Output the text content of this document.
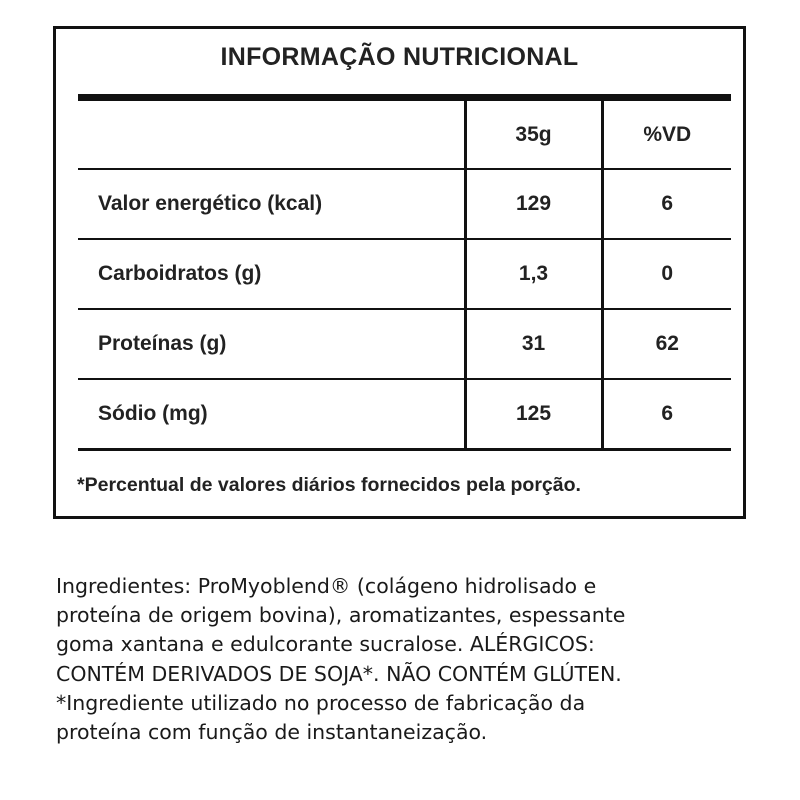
INFORMAÇÃO NUTRICIONAL
	35g	%VD
Valor energético (kcal)	129	6
Carboidratos (g)	1,3	0
Proteínas (g)	31	62
Sódio (mg)	125	6
*Percentual de valores diários fornecidos pela porção.

Ingredientes: ProMyoblend® (colágeno hidrolisado e
proteína de origem bovina), aromatizantes, espessante
goma xantana e edulcorante sucralose. ALÉRGICOS:
CONTÉM DERIVADOS DE SOJA*. NÃO CONTÉM GLÚTEN.
*Ingrediente utilizado no processo de fabricação da
proteína com função de instantaneização.
